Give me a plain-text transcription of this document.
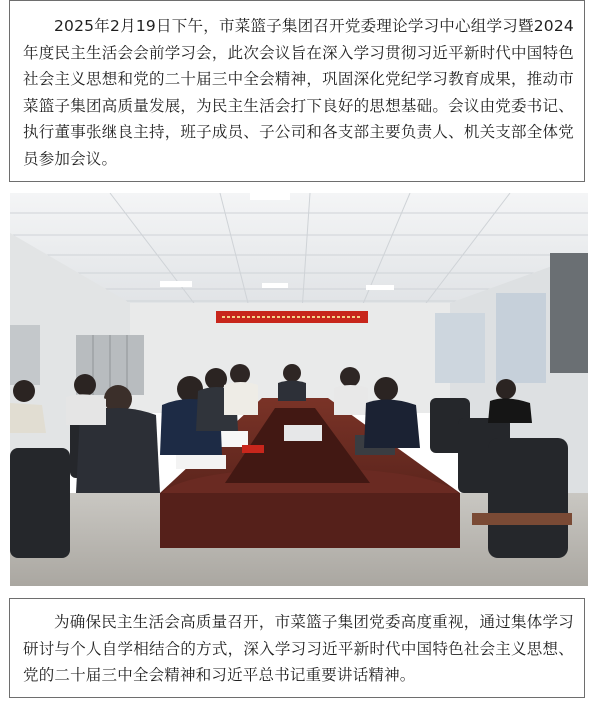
2025年2月19日下午，市菜篮子集团召开党委理论学习中心组学习暨2024年度民主生活会会前学习会，此次会议旨在深入学习贯彻习近平新时代中国特色社会主义思想和党的二十届三中全会精神，巩固深化党纪学习教育成果，推动市菜篮子集团高质量发展，为民主生活会打下良好的思想基础。会议由党委书记、执行董事张继良主持，班子成员、子公司和各支部主要负责人、机关支部全体党员参加会议。

为确保民主生活会高质量召开，市菜篮子集团党委高度重视，通过集体学习研讨与个人自学相结合的方式，深入学习习近平新时代中国特色社会主义思想、党的二十届三中全会精神和习近平总书记重要讲话精神。
